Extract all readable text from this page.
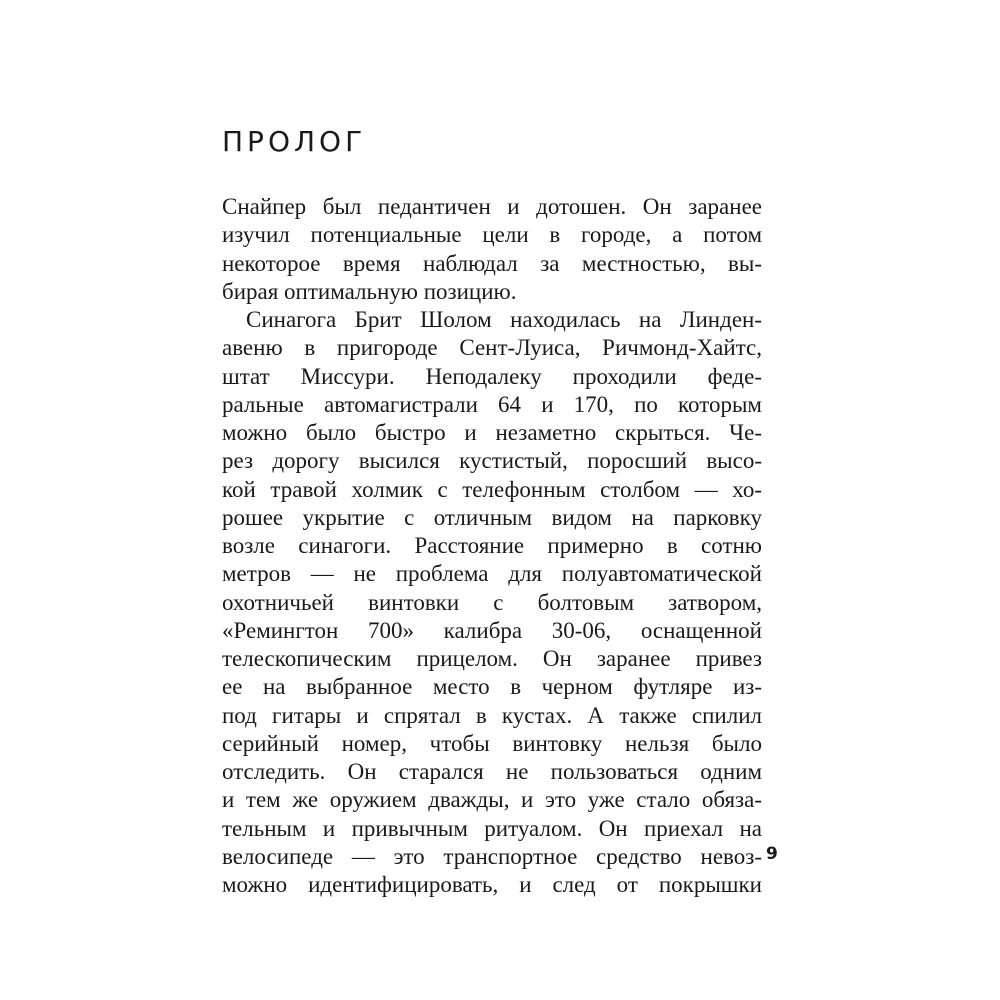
ПРОЛОГ
Снайпер был педантичен и дотошен. Он заранее
изучил потенциальные цели в городе, а потом
некоторое время наблюдал за местностью, вы-
бирая оптимальную позицию.
Синагога Брит Шолом находилась на Линден-
авеню в пригороде Сент-Луиса, Ричмонд-Хайтс,
штат Миссури. Неподалеку проходили феде-
ральные автомагистрали 64 и 170, по которым
можно было быстро и незаметно скрыться. Че-
рез дорогу высился кустистый, поросший высо-
кой травой холмик с телефонным столбом — хо-
рошее укрытие с отличным видом на парковку
возле синагоги. Расстояние примерно в сотню
метров — не проблема для полуавтоматической
охотничьей винтовки с болтовым затвором,
«Ремингтон 700» калибра 30-06, оснащенной
телескопическим прицелом. Он заранее привез
ее на выбранное место в черном футляре из-
под гитары и спрятал в кустах. А также спилил
серийный номер, чтобы винтовку нельзя было
отследить. Он старался не пользоваться одним
и тем же оружием дважды, и это уже стало обяза-
тельным и привычным ритуалом. Он приехал на
велосипеде — это транспортное средство невоз-
можно идентифицировать, и след от покрышки
9
